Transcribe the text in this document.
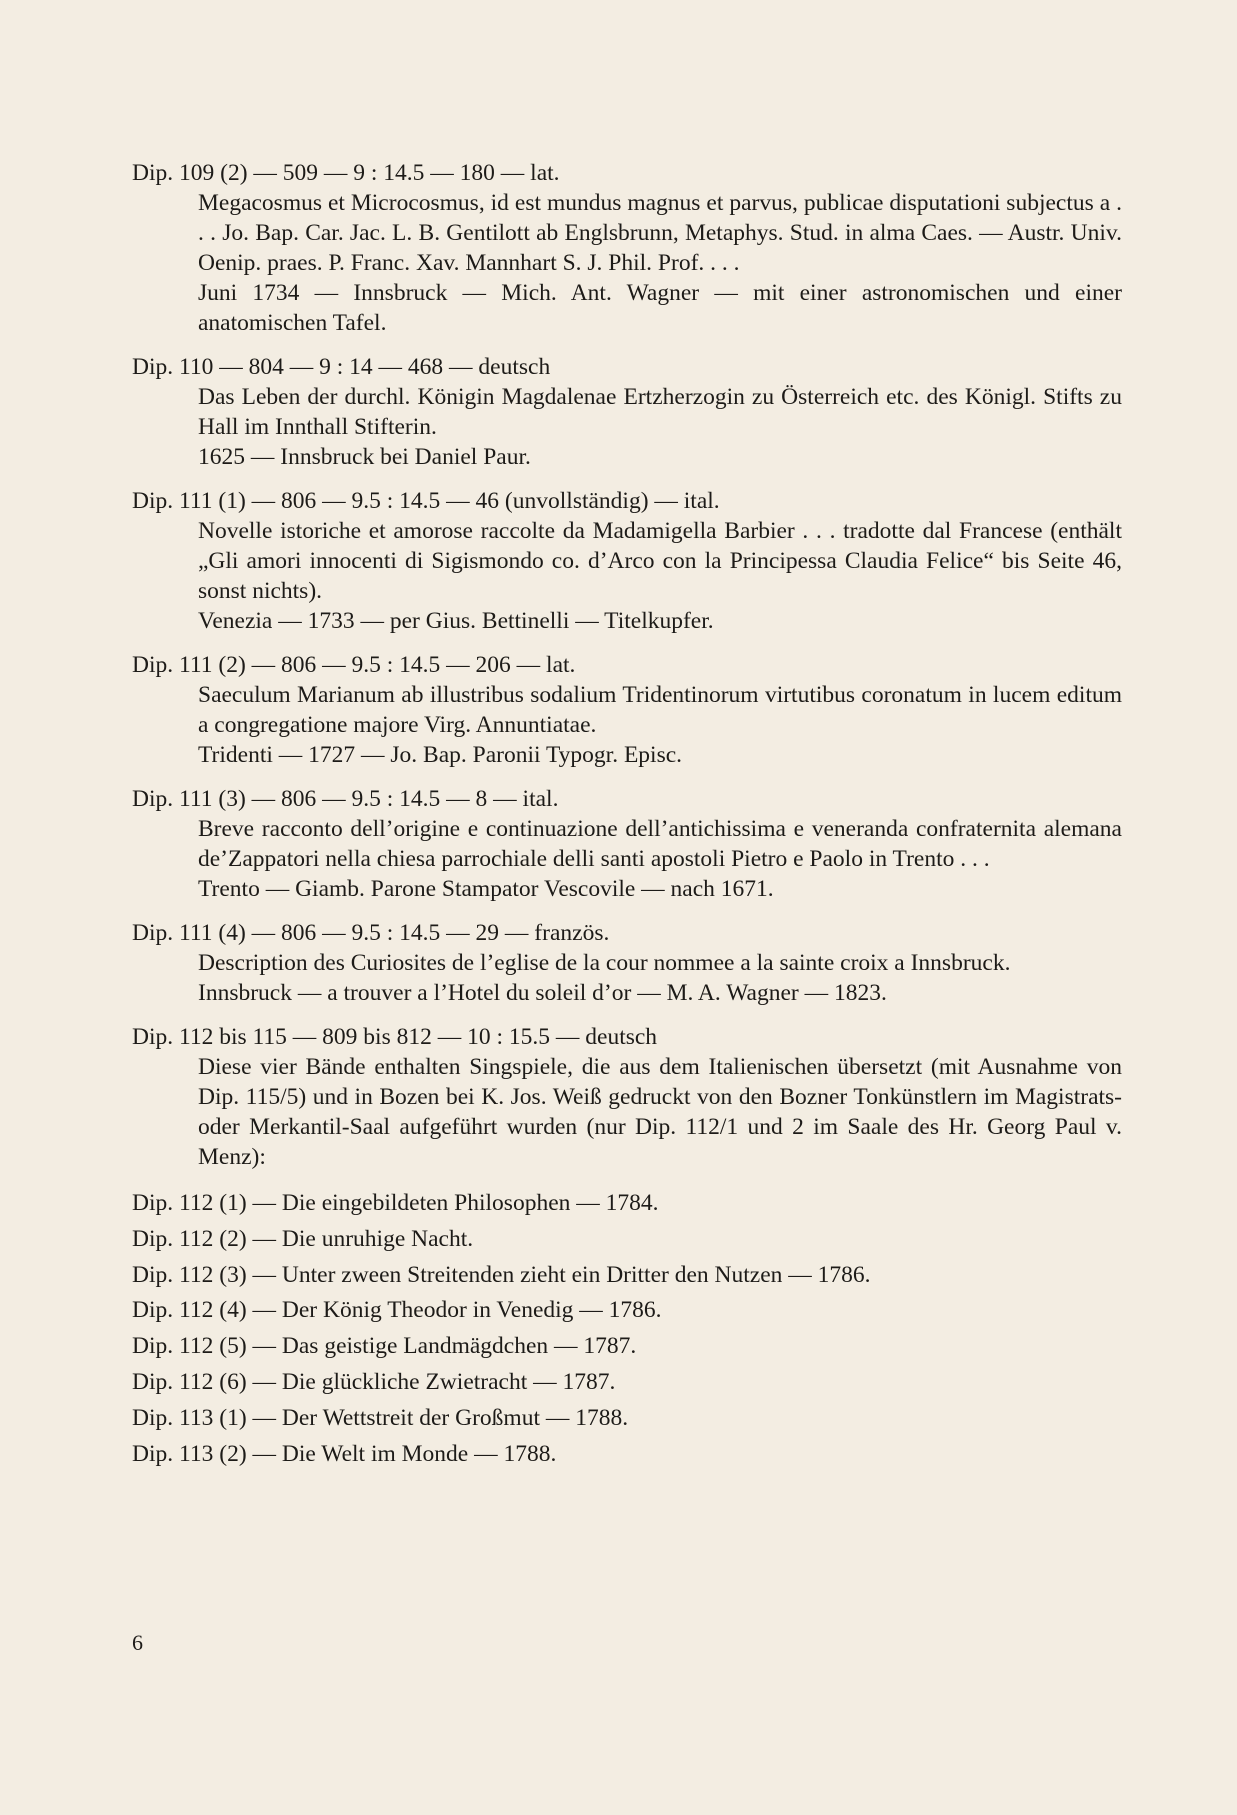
Dip. 109 (2) — 509 — 9 : 14.5 — 180 — lat.

Megacosmus et Microcosmus, id est mundus magnus et parvus, publicae disputationi subjectus a . . . Jo. Bap. Car. Jac. L. B. Gentilott ab Englsbrunn, Metaphys. Stud. in alma Caes. — Austr. Univ. Oenip. praes. P. Franc. Xav. Mannhart S. J. Phil. Prof. . . .

Juni 1734 — Innsbruck — Mich. Ant. Wagner — mit einer astronomischen und einer anatomischen Tafel.

Dip. 110 — 804 — 9 : 14 — 468 — deutsch

Das Leben der durchl. Königin Magdalenae Ertzherzogin zu Österreich etc. des Königl. Stifts zu Hall im Innthall Stifterin.

1625 — Innsbruck bei Daniel Paur.

Dip. 111 (1) — 806 — 9.5 : 14.5 — 46 (unvollständig) — ital.

Novelle istoriche et amorose raccolte da Madamigella Barbier . . . tradotte dal Francese (enthält „Gli amori innocenti di Sigismondo co. d’Arco con la Principessa Claudia Felice“ bis Seite 46, sonst nichts).

Venezia — 1733 — per Gius. Bettinelli — Titelkupfer.

Dip. 111 (2) — 806 — 9.5 : 14.5 — 206 — lat.

Saeculum Marianum ab illustribus sodalium Tridentinorum virtutibus coronatum in lucem editum a congregatione majore Virg. Annuntiatae.

Tridenti — 1727 — Jo. Bap. Paronii Typogr. Episc.

Dip. 111 (3) — 806 — 9.5 : 14.5 — 8 — ital.

Breve racconto dell’origine e continuazione dell’antichissima e veneranda confraternita alemana de’Zappatori nella chiesa parrochiale delli santi apostoli Pietro e Paolo in Trento . . .

Trento — Giamb. Parone Stampator Vescovile — nach 1671.

Dip. 111 (4) — 806 — 9.5 : 14.5 — 29 — französ.

Description des Curiosites de l’eglise de la cour nommee a la sainte croix a Innsbruck.

Innsbruck — a trouver a l’Hotel du soleil d’or — M. A. Wagner — 1823.

Dip. 112 bis 115 — 809 bis 812 — 10 : 15.5 — deutsch

Diese vier Bände enthalten Singspiele, die aus dem Italienischen übersetzt (mit Ausnahme von Dip. 115/5) und in Bozen bei K. Jos. Weiß gedruckt von den Bozner Tonkünstlern im Magistrats-oder Merkantil-Saal aufgeführt wurden (nur Dip. 112/1 und 2 im Saale des Hr. Georg Paul v. Menz):

Dip. 112 (1) — Die eingebildeten Philosophen — 1784.
Dip. 112 (2) — Die unruhige Nacht.
Dip. 112 (3) — Unter zween Streitenden zieht ein Dritter den Nutzen — 1786.
Dip. 112 (4) — Der König Theodor in Venedig — 1786.
Dip. 112 (5) — Das geistige Landmägdchen — 1787.
Dip. 112 (6) — Die glückliche Zwietracht — 1787.
Dip. 113 (1) — Der Wettstreit der Großmut — 1788.
Dip. 113 (2) — Die Welt im Monde — 1788.
6
